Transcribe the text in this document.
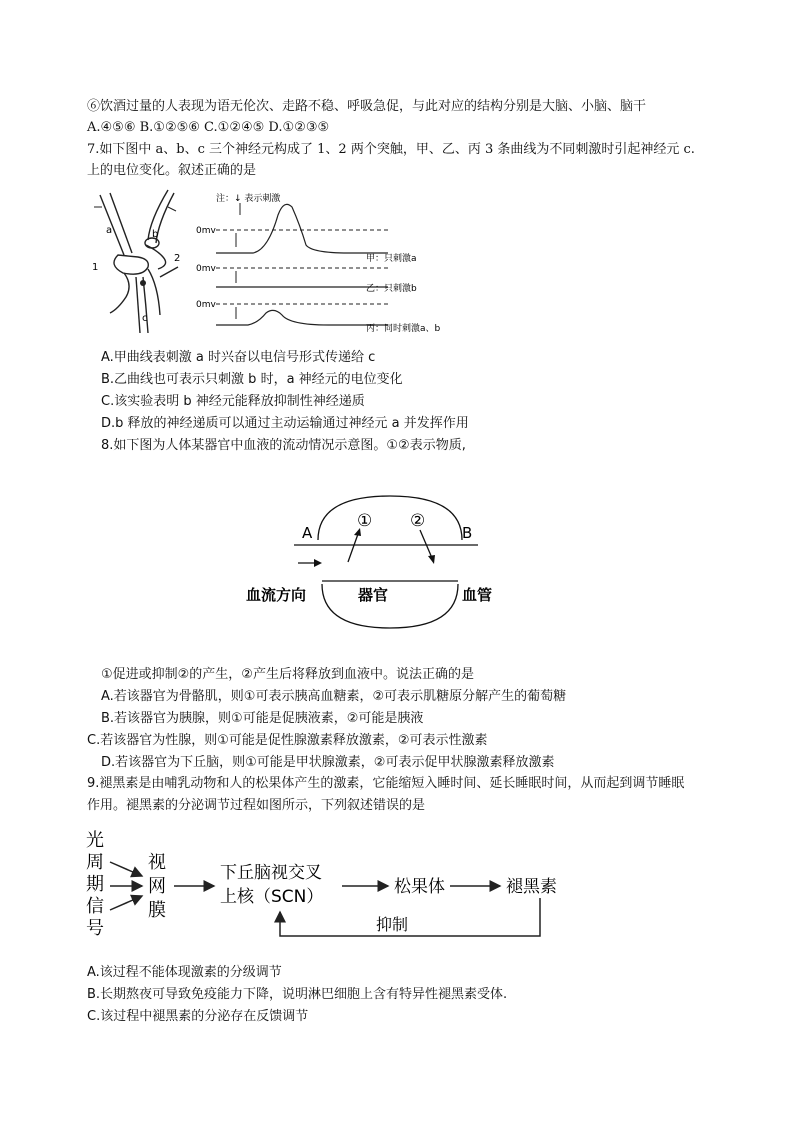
⑥饮酒过量的人表现为语无伦次、走路不稳、呼吸急促，与此对应的结构分别是大脑、小脑、脑干
A.④⑤⑥ B.①②⑤⑥ C.①②④⑤ D.①②③⑤
7.如下图中 a、b、c 三个神经元构成了 1、2 两个突触，甲、乙、丙 3 条曲线为不同刺激时引起神经元 c.
上的电位变化。叙述正确的是
a	b
1
2
c
注：↓ 表示刺激
0mv
甲：只刺激a
0mv
乙：只刺激b
0mv
丙：同时刺激a、b
A.甲曲线表刺激 a 时兴奋以电信号形式传递给 c
B.乙曲线也可表示只刺激 b 时，a 神经元的电位变化
C.该实验表明 b 神经元能释放抑制性神经递质
D.b 释放的神经递质可以通过主动运输通过神经元 a 并发挥作用
8.如下图为人体某器官中血液的流动情况示意图。①②表示物质,
A	B
① ②
血流方向	器官	血管
①促进或抑制②的产生，②产生后将释放到血液中。说法正确的是
A.若该器官为骨骼肌，则①可表示胰高血糖素，②可表示肌糖原分解产生的葡萄糖
B.若该器官为胰腺，则①可能是促胰液素，②可能是胰液
C.若该器官为性腺，则①可能是促性腺激素释放激素，②可表示性激素
D.若该器官为下丘脑，则①可能是甲状腺激素，②可表示促甲状腺激素释放激素
9.褪黑素是由哺乳动物和人的松果体产生的激素，它能缩短入睡时间、延长睡眠时间，从而起到调节睡眠
作用。褪黑素的分泌调节过程如图所示，下列叙述错误的是
光
周
期
信
号
视
网
膜
下丘脑视交叉
上核（SCN）	松果体	褪黑素
抑制
A.该过程不能体现激素的分级调节
B.长期熬夜可导致免疫能力下降，说明淋巴细胞上含有特异性褪黑素受体.
C.该过程中褪黑素的分泌存在反馈调节
